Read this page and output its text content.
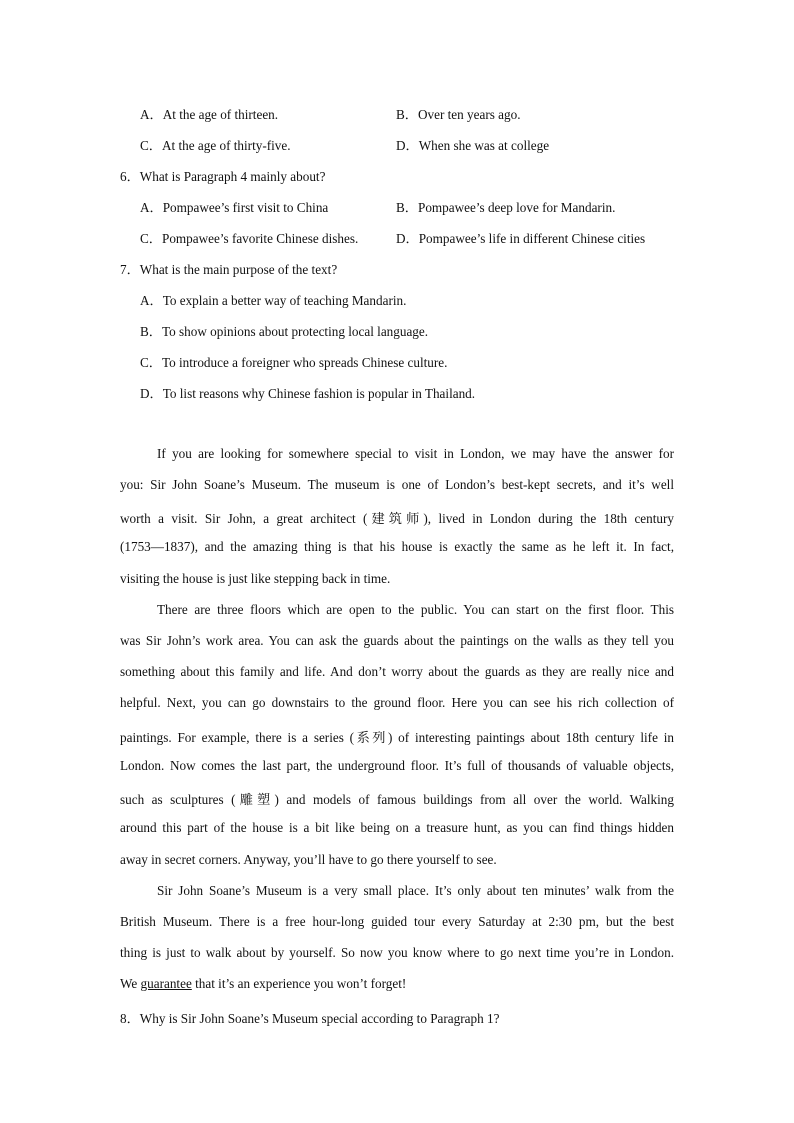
A．At the age of thirteen.	B．Over ten years ago.
C．At the age of thirty-five.	D．When she was at college
6．What is Paragraph 4 mainly about?
A．Pompawee’s first visit to China	B．Pompawee’s deep love for Mandarin.
C．Pompawee’s favorite Chinese dishes.	D．Pompawee’s life in different Chinese cities
7．What is the main purpose of the text?
A．To explain a better way of teaching Mandarin.
B．To show opinions about protecting local language.
C．To introduce a foreigner who spreads Chinese culture.
D．To list reasons why Chinese fashion is popular in Thailand.
If you are looking for somewhere special to visit in London, we may have the answer for
you: Sir John Soane’s Museum. The museum is one of London’s best-kept secrets, and it’s well
worth a visit. Sir John, a great architect (建筑师), lived in London during the 18th century
(1753—1837), and the amazing thing is that his house is exactly the same as he left it. In fact,
visiting the house is just like stepping back in time.
There are three floors which are open to the public. You can start on the first floor. This
was Sir John’s work area. You can ask the guards about the paintings on the walls as they tell you
something about this family and life. And don’t worry about the guards as they are really nice and
helpful. Next, you can go downstairs to the ground floor. Here you can see his rich collection of
paintings. For example, there is a series (系列) of interesting paintings about 18th century life in
London. Now comes the last part, the underground floor. It’s full of thousands of valuable objects,
such as sculptures (雕塑) and models of famous buildings from all over the world. Walking
around this part of the house is a bit like being on a treasure hunt, as you can find things hidden
away in secret corners. Anyway, you’ll have to go there yourself to see.
Sir John Soane’s Museum is a very small place. It’s only about ten minutes’ walk from the
British Museum. There is a free hour-long guided tour every Saturday at 2:30 pm, but the best
thing is just to walk about by yourself. So now you know where to go next time you’re in London.
We guarantee that it’s an experience you won’t forget!
8．Why is Sir John Soane’s Museum special according to Paragraph 1?
